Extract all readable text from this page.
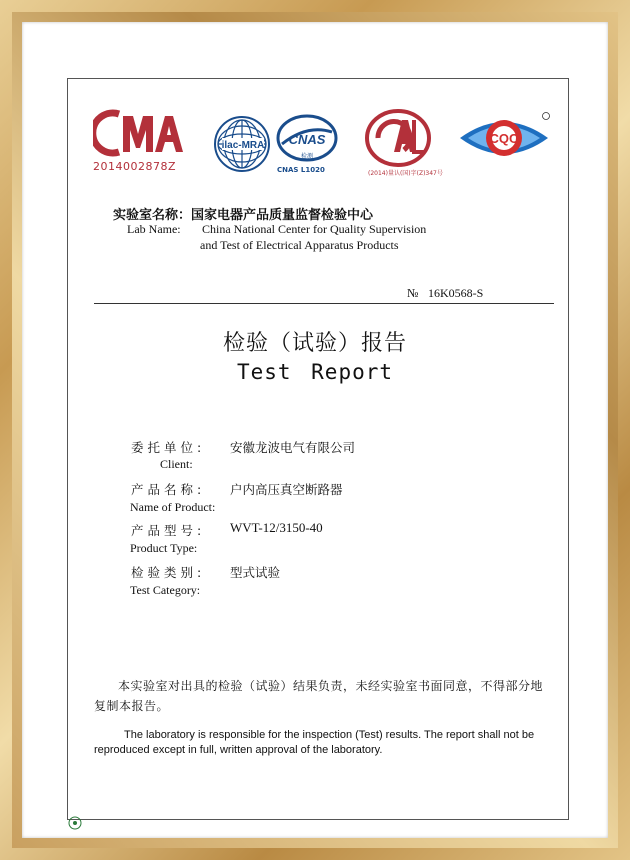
2014002878Z
ilac-MRA CNAS
检测
CNAS L1020	(2014)量认(国)字(Z)347号
CQC
实验室名称：国家电器产品质量监督检验中心
Lab Name: China National Center for Quality Supervision
and Test of Electrical Apparatus Products
№ 16K0568-S
检验（试验）报告
Test Report
委托单位: 安徽龙波电气有限公司
Client:
产品名称: 户内高压真空断路器
Name of Product:
产品型号: WVT-12/3150-40
Product Type:
检验类别: 型式试验
Test Category:
本实验室对出具的检验（试验）结果负责，未经实验室书面同意，不得部分地复制本报告。
The laboratory is responsible for the inspection (Test) results. The report shall not be reproduced except in full, written approval of the laboratory.
